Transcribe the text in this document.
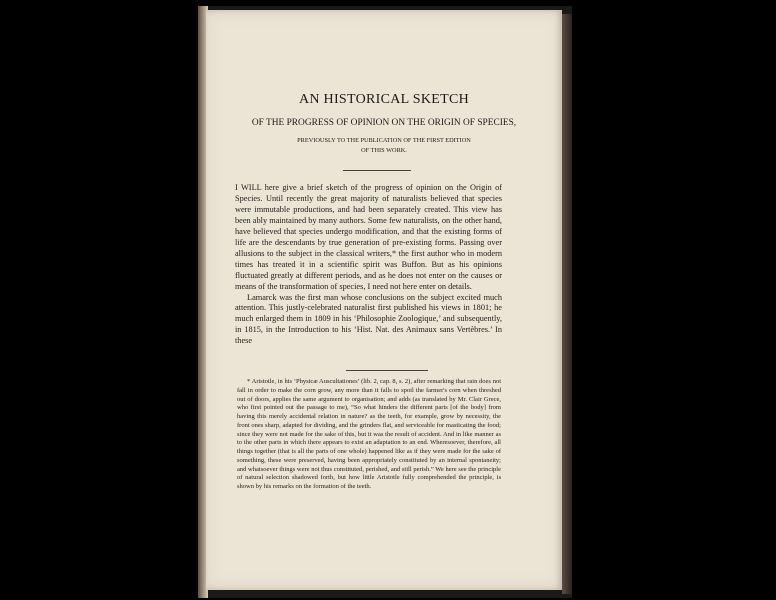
AN HISTORICAL SKETCH
OF THE PROGRESS OF OPINION ON THE ORIGIN OF SPECIES,
PREVIOUSLY TO THE PUBLICATION OF THE FIRST EDITION
OF THIS WORK.

I WILL here give a brief sketch of the progress of opinion on the Origin of Species. Until recently the great majority of naturalists believed that species were immutable productions, and had been separately created. This view has been ably maintained by many authors. Some few naturalists, on the other hand, have believed that species undergo modification, and that the existing forms of life are the descendants by true generation of pre-existing forms. Passing over allusions to the subject in the classical writers,* the first author who in modern times has treated it in a scientific spirit was Buffon. But as his opinions fluctuated greatly at different periods, and as he does not enter on the causes or means of the transformation of species, I need not here enter on details.

Lamarck was the first man whose conclusions on the subject excited much attention. This justly-celebrated naturalist first published his views in 1801; he much enlarged them in 1809 in his ‘Philosophie Zoologique,’ and subsequently, in 1815, in the Introduction to his ‘Hist. Nat. des Animaux sans Vertèbres.’ In these

* Aristotle, in his ‘Physicæ Auscultationes’ (lib. 2, cap. 8, s. 2), after remarking that rain does not fall in order to make the corn grow, any more than it falls to spoil the farmer's corn when threshed out of doors, applies the same argument to organisation; and adds (as translated by Mr. Clair Grece, who first pointed out the passage to me), “So what hinders the different parts [of the body] from having this merely accidental relation in nature? as the teeth, for example, grow by necessity, the front ones sharp, adapted for dividing, and the grinders flat, and serviceable for masticating the food; since they were not made for the sake of this, but it was the result of accident. And in like manner as to the other parts in which there appears to exist an adaptation to an end. Wheresoever, therefore, all things together (that is all the parts of one whole) happened like as if they were made for the sake of something, these were preserved, having been appropriately constituted by an internal spontaneity; and whatsoever things were not thus constituted, perished, and still perish.” We here see the principle of natural selection shadowed forth, but how little Aristotle fully comprehended the principle, is shown by his remarks on the formation of the teeth.
